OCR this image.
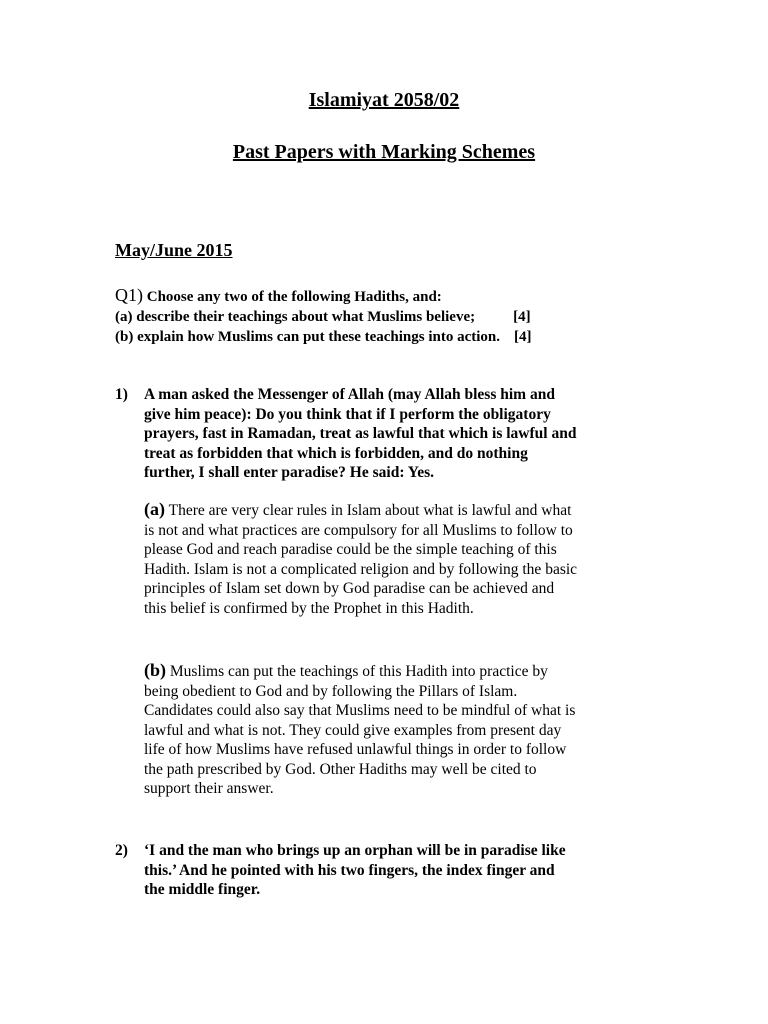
Islamiyat 2058/02
Past Papers with Marking Schemes
May/June 2015
Q1) Choose any two of the following Hadiths, and:
(a) describe their teachings about what Muslims believe;	[4]
(b) explain how Muslims can put these teachings into action. [4]
1)	A man asked the Messenger of Allah (may Allah bless him and
give him peace): Do you think that if I perform the obligatory
prayers, fast in Ramadan, treat as lawful that which is lawful and
treat as forbidden that which is forbidden, and do nothing
further, I shall enter paradise? He said: Yes.
(a) There are very clear rules in Islam about what is lawful and what
is not and what practices are compulsory for all Muslims to follow to
please God and reach paradise could be the simple teaching of this
Hadith. Islam is not a complicated religion and by following the basic
principles of Islam set down by God paradise can be achieved and
this belief is confirmed by the Prophet in this Hadith.
(b) Muslims can put the teachings of this Hadith into practice by
being obedient to God and by following the Pillars of Islam.
Candidates could also say that Muslims need to be mindful of what is
lawful and what is not. They could give examples from present day
life of how Muslims have refused unlawful things in order to follow
the path prescribed by God. Other Hadiths may well be cited to
support their answer.
2)	‘I and the man who brings up an orphan will be in paradise like
this.’ And he pointed with his two fingers, the index finger and
the middle finger.
